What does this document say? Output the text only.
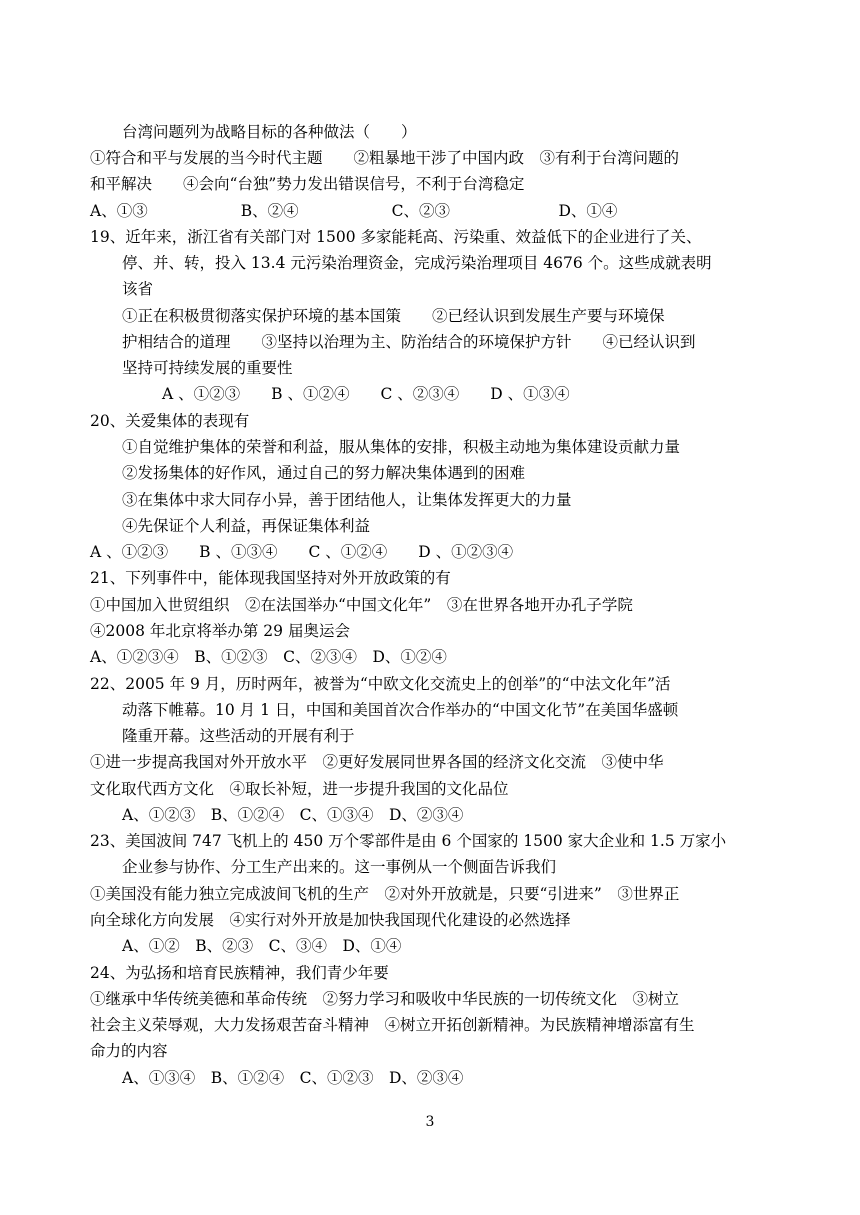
台湾问题列为战略目标的各种做法（　　）
①符合和平与发展的当今时代主题　　②粗暴地干涉了中国内政　③有利于台湾问题的
和平解决　　④会向“台独”势力发出错误信号，不利于台湾稳定
A、①③　　　　　　B、②④　　　　　　C、②③　　　　　　　D、①④
19、近年来，浙江省有关部门对 1500 多家能耗高、污染重、效益低下的企业进行了关、
停、并、转，投入 13.4 元污染治理资金，完成污染治理项目 4676 个。这些成就表明
该省
①正在积极贯彻落实保护环境的基本国策　　②已经认识到发展生产要与环境保
护相结合的道理　　③坚持以治理为主、防治结合的环境保护方针　　④已经认识到
坚持可持续发展的重要性
A 、①②③　　B 、①②④　　C 、②③④　　D 、①③④
20、关爱集体的表现有
①自觉维护集体的荣誉和利益，服从集体的安排，积极主动地为集体建设贡献力量
②发扬集体的好作风，通过自己的努力解决集体遇到的困难
③在集体中求大同存小异，善于团结他人，让集体发挥更大的力量
④先保证个人利益，再保证集体利益
A 、①②③　　B 、①③④　　C 、①②④　　D 、①②③④
21、下列事件中，能体现我国坚持对外开放政策的有
①中国加入世贸组织　②在法国举办“中国文化年”　③在世界各地开办孔子学院
④2008 年北京将举办第 29 届奥运会
A、①②③④　B、①②③　C、②③④　D、①②④
22、2005 年 9 月，历时两年，被誉为“中欧文化交流史上的创举”的“中法文化年”活
动落下帷幕。10 月 1 日，中国和美国首次合作举办的“中国文化节”在美国华盛顿
隆重开幕。这些活动的开展有利于
①进一步提高我国对外开放水平　②更好发展同世界各国的经济文化交流　③使中华
文化取代西方文化　④取长补短，进一步提升我国的文化品位
A、①②③　B、①②④　C、①③④　D、②③④
23、美国波间 747 飞机上的 450 万个零部件是由 6 个国家的 1500 家大企业和 1.5 万家小
企业参与协作、分工生产出来的。这一事例从一个侧面告诉我们
①美国没有能力独立完成波间飞机的生产　②对外开放就是，只要“引进来”　③世界正
向全球化方向发展　④实行对外开放是加快我国现代化建设的必然选择
A、①②　B、②③　C、③④　D、①④
24、为弘扬和培育民族精神，我们青少年要
①继承中华传统美德和革命传统　②努力学习和吸收中华民族的一切传统文化　③树立
社会主义荣辱观，大力发扬艰苦奋斗精神　④树立开拓创新精神。为民族精神增添富有生
命力的内容
A、①③④　B、①②④　C、①②③　D、②③④
3
